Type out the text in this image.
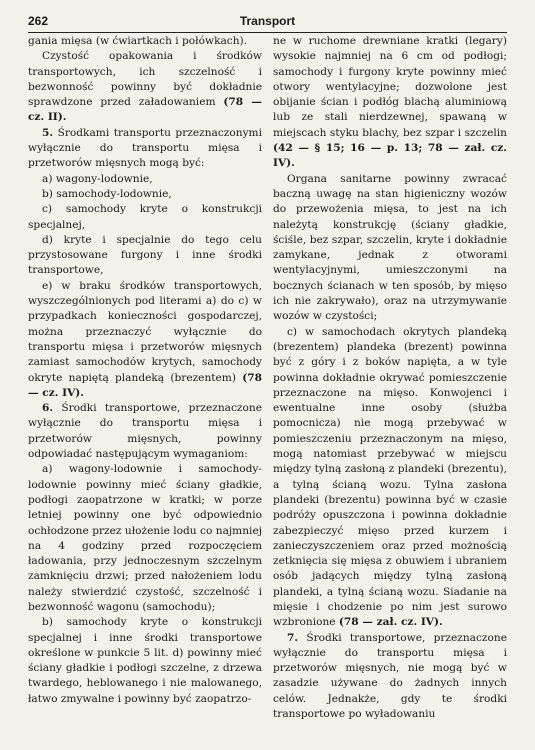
262	Transport

gania mięsa (w ćwiartkach i połówkach).

Czystość opakowania i środków transportowych, ich szczelność i bezwonność powinny być dokładnie sprawdzone przed załadowaniem (78 — cz. II).

5. Środkami transportu przeznaczonymi wyłącznie do transportu mięsa i przetworów mięsnych mogą być:

a) wagony-lodownie,

b) samochody-lodownie,

c) samochody kryte o konstrukcji specjalnej,

d) kryte i specjalnie do tego celu przystosowane furgony i inne środki transportowe,

e) w braku środków transportowych, wyszczególnionych pod literami a) do c) w przypadkach konieczności gospodarczej, można przeznaczyć wyłącznie do transportu mięsa i przetworów mięsnych zamiast samochodów krytych, samochody okryte napiętą plandeką (brezentem) (78 — cz. IV).

6. Środki transportowe, przeznaczone wyłącznie do transportu mięsa i przetworów mięsnych, powinny odpowiadać następującym wymaganiom:

a) wagony-lodownie i samochody-lodownie powinny mieć ściany gładkie, podłogi zaopatrzone w kratki; w porze letniej powinny one być odpowiednio ochłodzone przez ułożenie lodu co najmniej na 4 godziny przed rozpoczęciem ładowania, przy jednoczesnym szczelnym zamknięciu drzwi; przed nałożeniem lodu należy stwierdzić czystość, szczelność i bezwonność wagonu (samochodu);

b) samochody kryte o konstrukcji specjalnej i inne środki transportowe określone w punkcie 5 lit. d) powinny mieć ściany gładkie i podłogi szczelne, z drzewa twardego, heblowanego i nie malowanego, łatwo zmywalne i powinny być zaopatrzo-

ne w ruchome drewniane kratki (legary) wysokie najmniej na 6 cm od podłogi; samochody i furgony kryte powinny mieć otwory wentylacyjne; dozwolone jest obijanie ścian i podłóg blachą aluminiową lub ze stali nierdzewnej, spawaną w miejscach styku blachy, bez szpar i szczelin (42 — § 15; 16 — p. 13; 78 — zał. cz. IV).

Organa sanitarne powinny zwracać baczną uwagę na stan higieniczny wozów do przewożenia mięsa, to jest na ich należytą konstrukcję (ściany gładkie, ściśle, bez szpar, szczelin, kryte i dokładnie zamykane, jednak z otworami wentylacyjnymi, umieszczonymi na bocznych ścianach w ten sposób, by mięso ich nie zakrywało), oraz na utrzymywanie wozów w czystości;

c) w samochodach okrytych plandeką (brezentem) plandeka (brezent) powinna być z góry i z boków napięta, a w tyle powinna dokładnie okrywać pomieszczenie przeznaczone na mięso. Konwojenci i ewentualne inne osoby (służba pomocnicza) nie mogą przebywać w pomieszczeniu przeznaczonym na mięso, mogą natomiast przebywać w miejscu między tylną zasłoną z plandeki (brezentu), a tylną ścianą wozu. Tylna zasłona plandeki (brezentu) powinna być w czasie podróży opuszczona i powinna dokładnie zabezpieczyć mięso przed kurzem i zanieczyszczeniem oraz przed możnością zetknięcia się mięsa z obuwiem i ubraniem osób jadących między tylną zasłoną plandeki, a tylną ścianą wozu. Siadanie na mięsie i chodzenie po nim jest surowo wzbronione (78 — zał. cz. IV).

7. Środki transportowe, przeznaczone wyłącznie do transportu mięsa i przetworów mięsnych, nie mogą być w zasadzie używane do żadnych innych celów. Jednakże, gdy te środki transportowe po wyładowaniu
